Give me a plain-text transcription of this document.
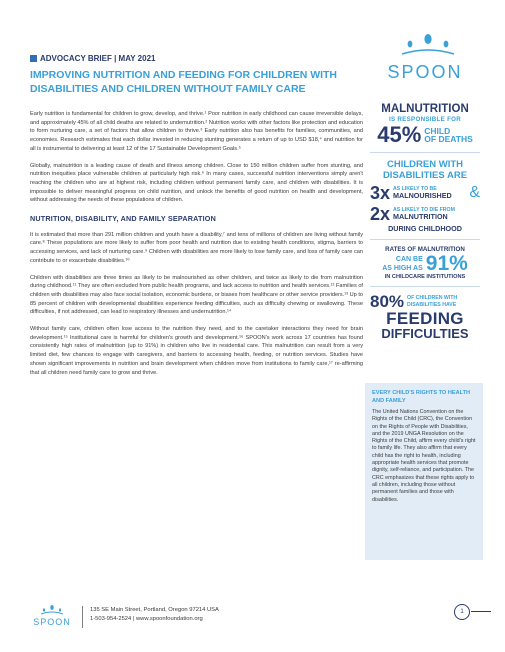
ADVOCACY BRIEF | MAY 2021
IMPROVING NUTRITION AND FEEDING FOR CHILDREN WITH DISABILITIES AND CHILDREN WITHOUT FAMILY CARE
SPOON

Early nutrition is fundamental for children to grow, develop, and thrive.¹ Poor nutrition in early childhood can cause irreversible delays, and approximately 45% of all child deaths are related to undernutrition.² Nutrition works with other factors like protection and education to form nurturing care, a set of factors that allow children to thrive.³ Early nutrition also has benefits for families, communities, and economies. Research estimates that each dollar invested in reducing stunting generates a return of up to USD $18,⁴ and nutrition for all is instrumental to delivering at least 12 of the 17 Sustainable Development Goals.⁵

Globally, malnutrition is a leading cause of death and illness among children. Close to 150 million children suffer from stunting, and nutrition inequities place vulnerable children at particularly high risk.⁶ In many cases, successful nutrition interventions simply aren't reaching the children who are at highest risk, including children without permanent family care, and children with disabilities. It is impossible to deliver meaningful progress on child nutrition, and unlock the benefits of good nutrition on health and development, without addressing the needs of these populations of children.

NUTRITION, DISABILITY, AND FAMILY SEPARATION

It is estimated that more than 291 million children and youth have a disability,⁷ and tens of millions of children are living without family care.⁸ These populations are more likely to suffer from poor health and nutrition due to existing health conditions, stigma, barriers to accessing services, and lack of nurturing care.⁹ Children with disabilities are more likely to lose family care, and loss of family care can contribute to or exacerbate disabilities.¹⁰

Children with disabilities are three times as likely to be malnourished as other children, and twice as likely to die from malnutrition during childhood.¹¹ They are often excluded from public health programs, and lack access to nutrition and health services.¹² Families of children with disabilities may also face social isolation, economic burdens, or biases from healthcare or other service providers.¹³ Up to 85 percent of children with developmental disabilities experience feeding difficulties, such as difficulty chewing or swallowing. These difficulties, if not addressed, can lead to respiratory illnesses and undernutrition.¹⁴

Without family care, children often lose access to the nutrition they need, and to the caretaker interactions they need for brain development.¹⁵ Institutional care is harmful for children's growth and development.¹⁶ SPOON's work across 17 countries has found consistently high rates of malnutrition (up to 91%) in children who live in residential care. This malnutrition can result from a very limited diet, few chances to engage with caregivers, and barriers to accessing health, feeding, or nutrition services. Studies have shown significant improvements in nutrition and brain development when children move from institutions to family care,¹⁷ re-affirming that all children need family care to grow and thrive.

MALNUTRITION
IS RESPONSIBLE FOR
45% CHILD
OF DEATHS
CHILDREN WITH DISABILITIES ARE
3x AS LIKELY TO BE
MALNOURISHED &
2x AS LIKELY TO DIE FROM
MALNUTRITION
DURING CHILDHOOD
RATES OF MALNUTRITION
CAN BE
AS HIGH AS 91%
IN CHILDCARE INSTITUTIONS
80% OF CHILDREN WITH DISABILITIES HAVE
FEEDING
DIFFICULTIES
EVERY CHILD'S RIGHTS TO HEALTH AND FAMILY

The United Nations Convention on the Rights of the Child (CRC), the Convention on the Rights of People with Disabilities, and the 2019 UNGA Resolution on the Rights of the Child, affirm every child's right to family life. They also affirm that every child has the right to health, including appropriate health services that promote dignity, self-reliance, and participation. The CRC emphasizes that these rights apply to all children, including those without permanent families and those with disabilities.

SPOON
135 SE Main Street, Portland, Oregon 97214 USA
1-503-954-2524 | www.spoonfoundation.org
1
